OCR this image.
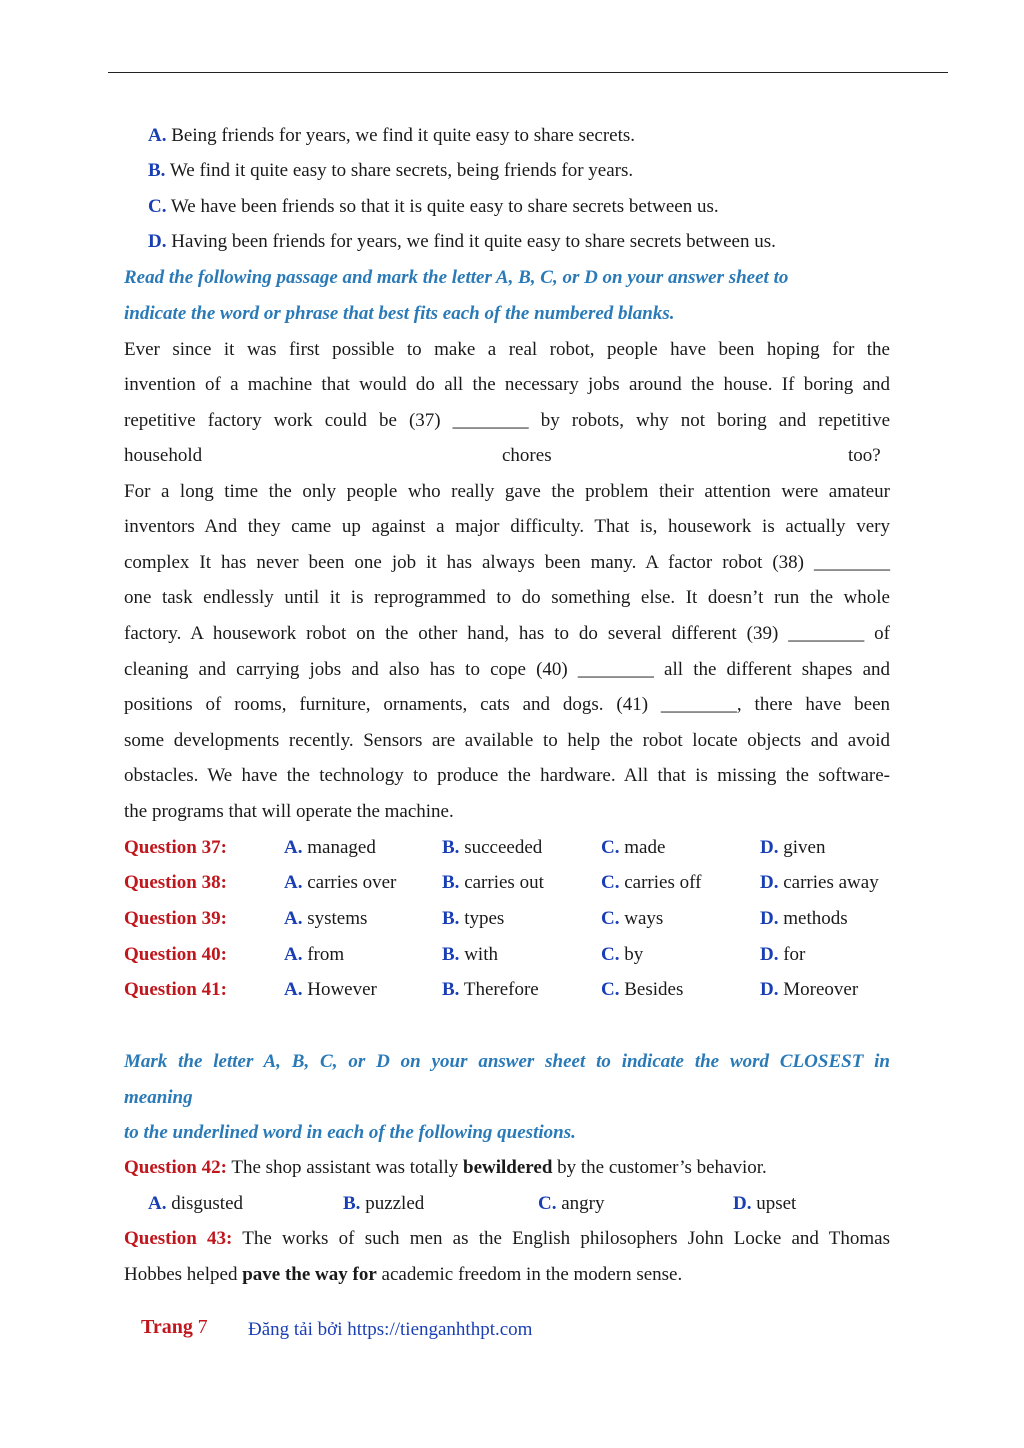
A. Being friends for years, we find it quite easy to share secrets.
B. We find it quite easy to share secrets, being friends for years.
C. We have been friends so that it is quite easy to share secrets between us.
D. Having been friends for years, we find it quite easy to share secrets between us.
Read the following passage and mark the letter A, B, C, or D on your answer sheet to
indicate the word or phrase that best fits each of the numbered blanks.
Ever since it was first possible to make a real robot, people have been hoping for the
invention of a machine that would do all the necessary jobs around the house. If boring and
repetitive factory work could be (37) ________ by robots, why not boring and repetitive
household	chores	too?
For a long time the only people who really gave the problem their attention were amateur
inventors And they came up against a major difficulty. That is, housework is actually very
complex It has never been one job it has always been many. A factor robot (38) ________
one task endlessly until it is reprogrammed to do something else. It doesn’t run the whole
factory. A housework robot on the other hand, has to do several different (39) ________ of
cleaning and carrying jobs and also has to cope (40) ________ all the different shapes and
positions of rooms, furniture, ornaments, cats and dogs. (41) ________, there have been
some developments recently. Sensors are available to help the robot locate objects and avoid
obstacles. We have the technology to produce the hardware. All that is missing the software-
the programs that will operate the machine.
Question 37:	A. managed	B. succeeded	C. made	D. given
Question 38:	A. carries over B. carries out	C. carries off	D. carries away
Question 39:	A. systems	B. types	C. ways	D. methods
Question 40:	A. from	B. with	C. by	D. for
Question 41:	A. However	B. Therefore	C. Besides	D. Moreover
Mark the letter A, B, C, or D on your answer sheet to indicate the word CLOSEST in
meaning
to the underlined word in each of the following questions.
Question 42: The shop assistant was totally bewildered by the customer’s behavior.
A. disgusted	B. puzzled	C. angry	D. upset
Question 43: The works of such men as the English philosophers John Locke and Thomas
Hobbes helped pave the way for academic freedom in the modern sense.
Trang 7 Đăng tải bởi https://tienganhthpt.com
